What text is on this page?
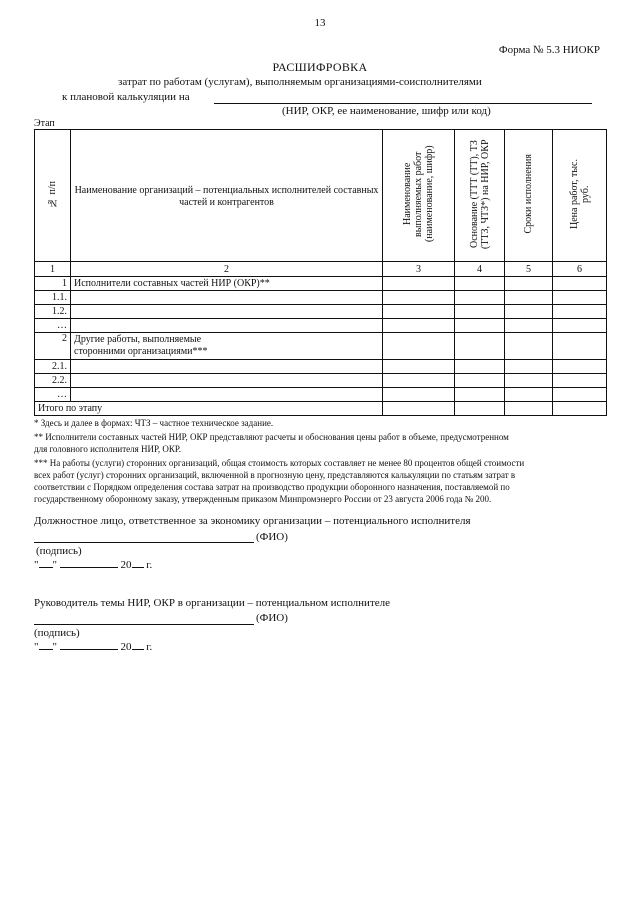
13
Форма № 5.3 НИОКР
РАСШИФРОВКА
затрат по работам (услугам), выполняемым организациями-соисполнителями
к плановой калькуляции на
(НИР, ОКР, ее наименование, шифр или код)
Этап
№ п/п	Наименование организаций – потенциальных исполнителей составных частей и контрагентов	Наименование выполняемых работ (наименование, шифр)	Основание (ТТТ (ТТ), ТЗ (ТТЗ, ЧТЗ*) на НИР, ОКР	Сроки исполнения	Цена работ, тыс. руб.
1	2	3	4	5	6
1	Исполнители составных частей НИР (ОКР)**				
1.1.					
1.2.					
…					
2	Другие работы, выполняемые сторонними организациями***				
2.1.					
2.2.					
…					
Итого по этапу					
* Здесь и далее в формах: ЧТЗ – частное техническое задание.
** Исполнители составных частей НИР, ОКР представляют расчеты и обоснования цены работ в объеме, предусмотренном
для головного исполнителя НИР, ОКР.
*** На работы (услуги) сторонних организаций, общая стоимость которых составляет не менее 80 процентов общей стоимости
всех работ (услуг) сторонних организаций, включенной в прогнозную цену, представляются калькуляции по статьям затрат в
соответствии с Порядком определения состава затрат на производство продукции оборонного назначения, поставляемой по
государственному оборонному заказу, утвержденным приказом Минпромэнерго России от 23 августа 2006 года № 200.
Должностное лицо, ответственное за экономику организации – потенциального исполнителя
(ФИО)
(подпись)
" "	20 г.
Руководитель темы НИР, ОКР в организации – потенциальном исполнителе
(ФИО)
(подпись)
" "	20 г.
